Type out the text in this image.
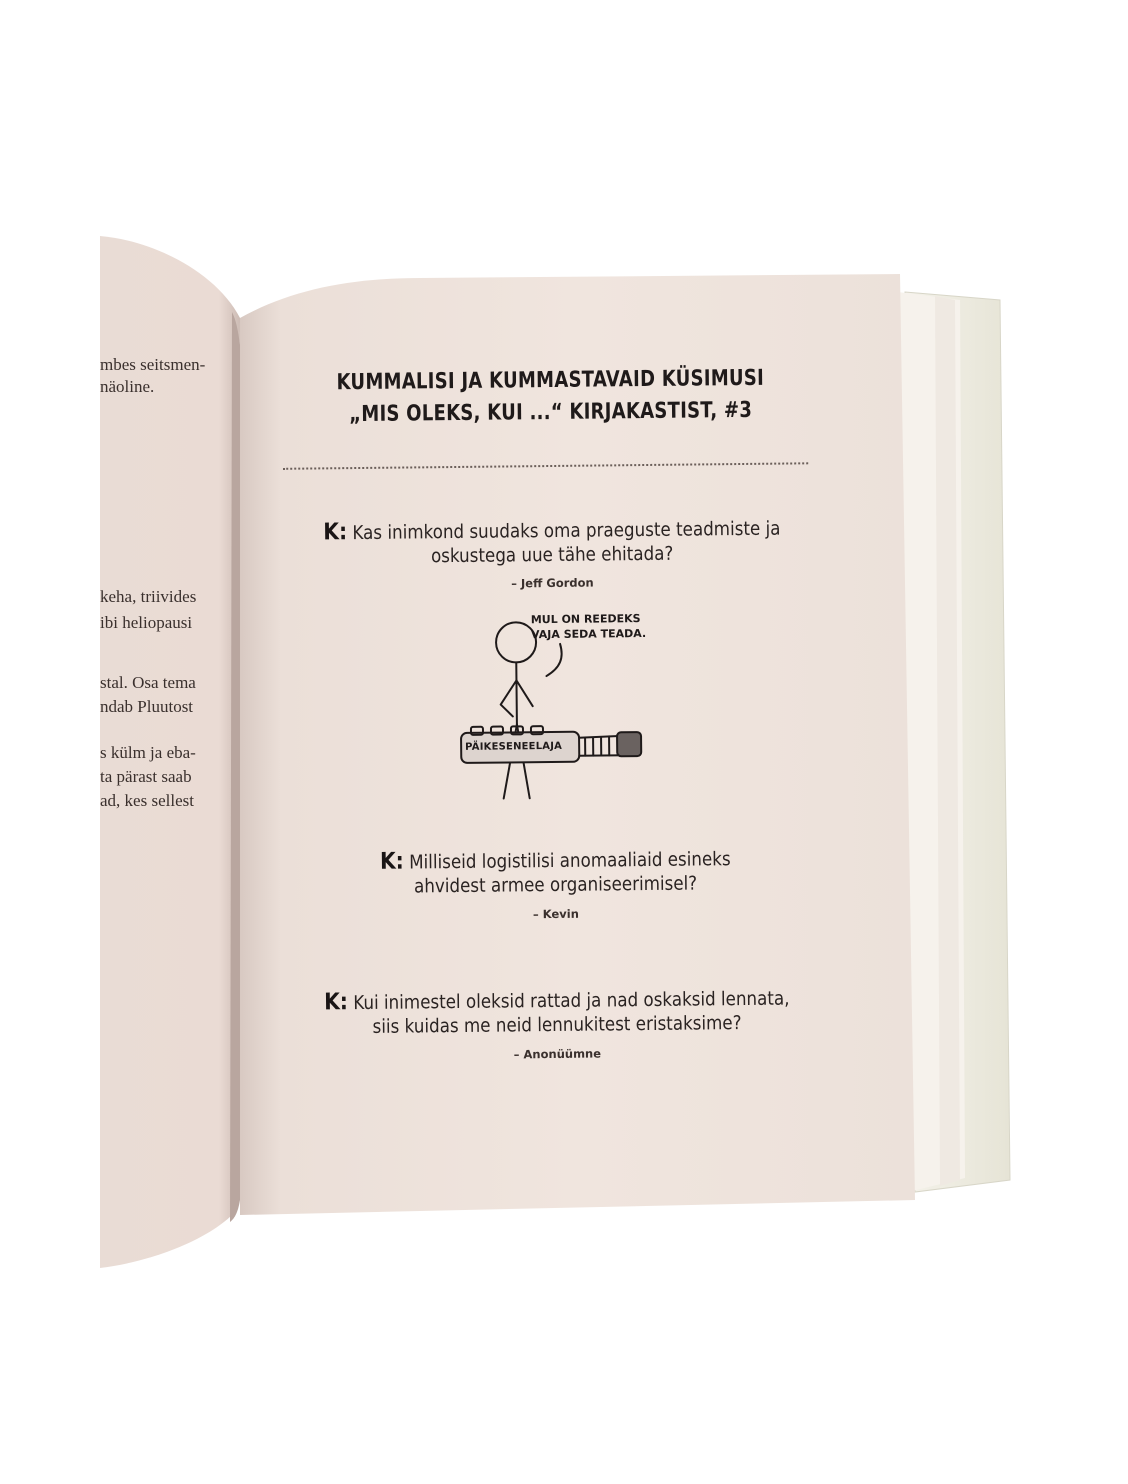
mbes seitsmen-
näoline.
keha, triivides
ibi heliopausi
stal. Osa tema
ndab Pluutost
s külm ja eba-
ta pärast saab
ad, kes sellest
KUMMALISI JA KUMMASTAVAID KÜSIMUSI
„MIS OLEKS, KUI ...“ KIRJAKASTIST, #3
K: Kas inimkond suudaks oma praeguste teadmiste ja
oskustega uue tähe ehitada?
– Jeff Gordon
MUL ON REEDEKS
VAJA SEDA TEADA.
PÄIKESENEELAJA
K: Milliseid logistilisi anomaaliaid esineks
ahvidest armee organiseerimisel?
– Kevin
K: Kui inimestel oleksid rattad ja nad oskaksid lennata,
siis kuidas me neid lennukitest eristaksime?
– Anonüümne
